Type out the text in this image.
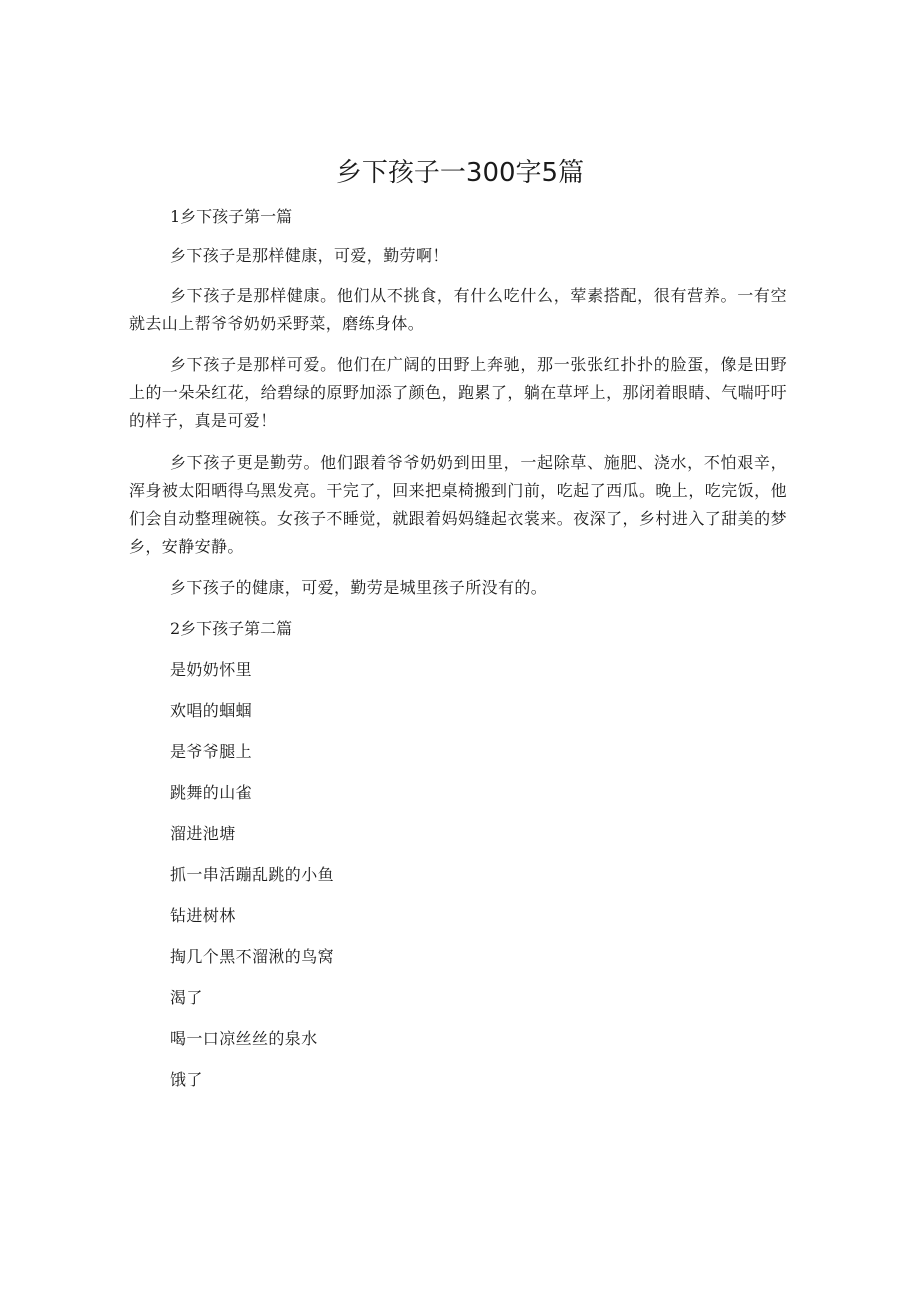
乡下孩子一300字5篇
1乡下孩子第一篇

乡下孩子是那样健康，可爱，勤劳啊！

乡下孩子是那样健康。他们从不挑食，有什么吃什么，荤素搭配，很有营养。一有空就去山上帮爷爷奶奶采野菜，磨练身体。

乡下孩子是那样可爱。他们在广阔的田野上奔驰，那一张张红扑扑的脸蛋，像是田野上的一朵朵红花，给碧绿的原野加添了颜色，跑累了，躺在草坪上，那闭着眼睛、气喘吁吁的样子，真是可爱！

乡下孩子更是勤劳。他们跟着爷爷奶奶到田里，一起除草、施肥、浇水，不怕艰辛，浑身被太阳晒得乌黑发亮。干完了，回来把桌椅搬到门前，吃起了西瓜。晚上，吃完饭，他们会自动整理碗筷。女孩子不睡觉，就跟着妈妈缝起衣裳来。夜深了，乡村进入了甜美的梦乡，安静安静。

乡下孩子的健康，可爱，勤劳是城里孩子所没有的。

2乡下孩子第二篇

是奶奶怀里

欢唱的蝈蝈

是爷爷腿上

跳舞的山雀

溜进池塘

抓一串活蹦乱跳的小鱼

钻进树林

掏几个黑不溜湫的鸟窝

渴了

喝一口凉丝丝的泉水

饿了
